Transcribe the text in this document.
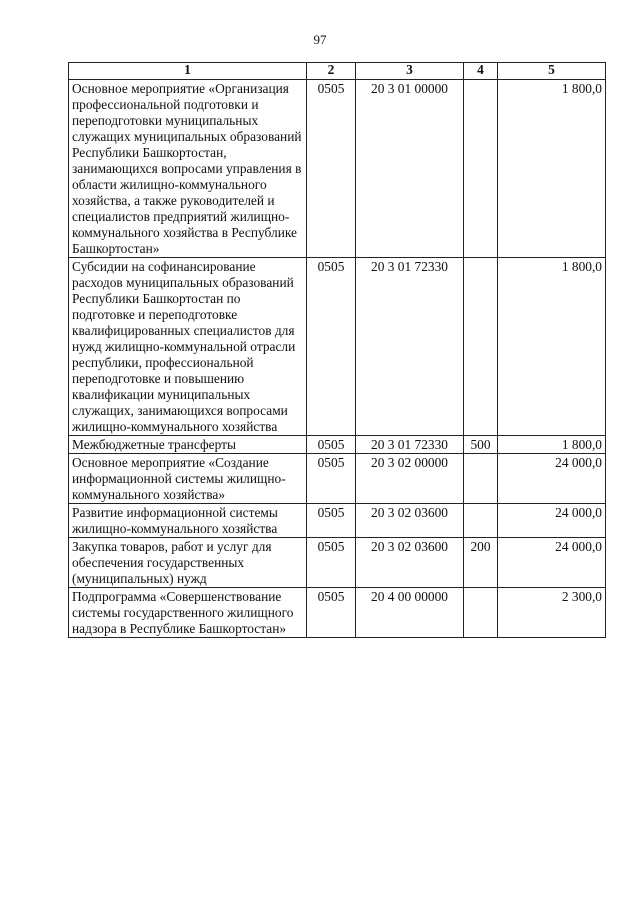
97
1	2	3	4	5
Основное мероприятие «Организация профессиональной подготовки и переподготовки муниципальных служащих муниципальных образований Республики Башкортостан, занимающихся вопросами управления в области жилищно-коммунального хозяйства, а также руководителей и специалистов предприятий жилищно-коммунального хозяйства в Республике Башкортостан»	0505	20 3 01 00000		1 800,0
Субсидии на софинансирование расходов муниципальных образований Республики Башкортостан по подготовке и переподготовке квалифицированных специалистов для нужд жилищно-коммунальной отрасли республики, профессиональной переподготовке и повышению квалификации муниципальных служащих, занимающихся вопросами жилищно-коммунального хозяйства	0505	20 3 01 72330		1 800,0
Межбюджетные трансферты	0505	20 3 01 72330	500	1 800,0
Основное мероприятие «Создание информационной системы жилищно-коммунального хозяйства»	0505	20 3 02 00000		24 000,0
Развитие информационной системы жилищно-коммунального хозяйства	0505	20 3 02 03600		24 000,0
Закупка товаров, работ и услуг для обеспечения государственных (муниципальных) нужд	0505	20 3 02 03600	200	24 000,0
Подпрограмма «Совершенствование системы государственного жилищного надзора в Республике Башкортостан»	0505	20 4 00 00000		2 300,0
